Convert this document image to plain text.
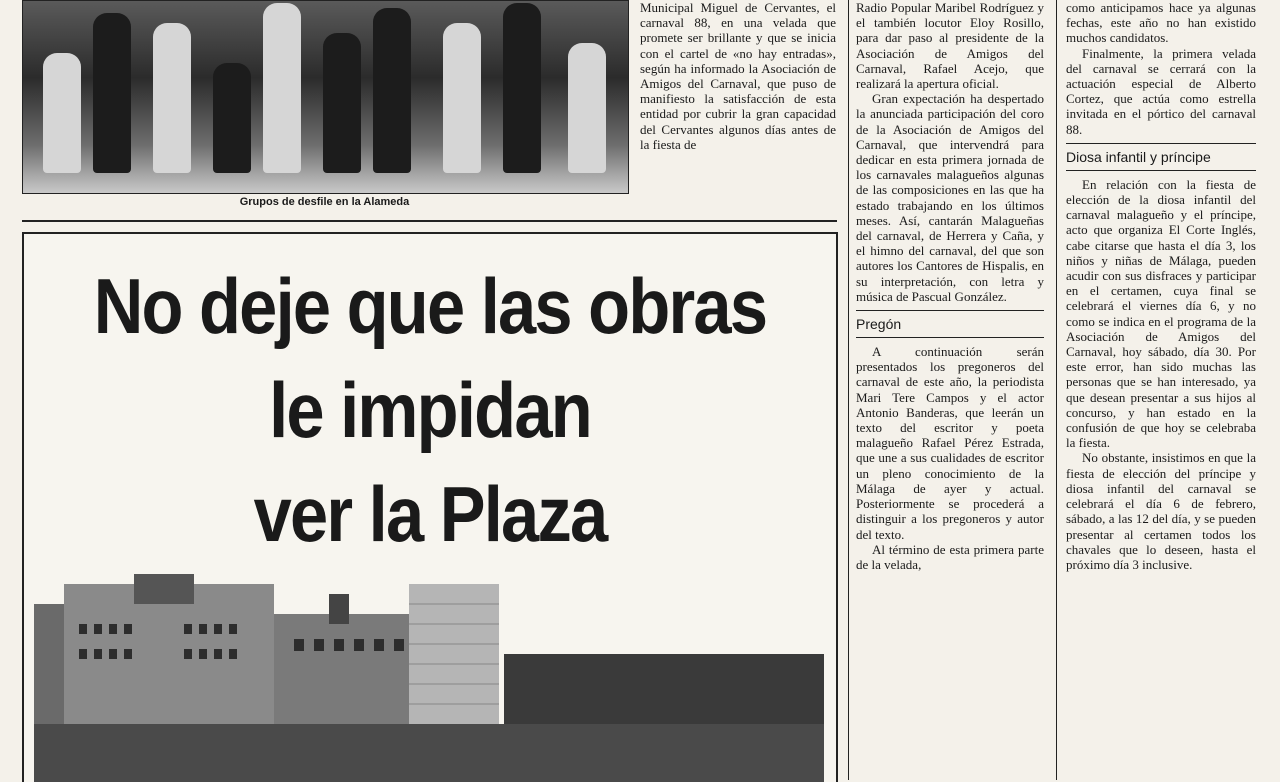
Grupos de desfile en la Alameda

Municipal Miguel de Cervantes, el carnaval 88, en una velada que promete ser brillante y que se inicia con el cartel de «no hay entradas», según ha informado la Asociación de Amigos del Carnaval, que puso de manifiesto la satisfacción de esta entidad por cubrir la gran capacidad del Cervantes algunos días antes de la fiesta de

Radio Popular Maribel Rodríguez y el también locutor Eloy Rosillo, para dar paso al presidente de la Asociación de Amigos del Carnaval, Rafael Acejo, que realizará la apertura oficial.

Gran expectación ha despertado la anunciada participación del coro de la Asociación de Amigos del Carnaval, que intervendrá para dedicar en esta primera jornada de los carnavales malagueños algunas de las composiciones en las que ha estado trabajando en los últimos meses. Así, cantarán Malagueñas del carnaval, de Herrera y Caña, y el himno del carnaval, del que son autores los Cantores de Hispalis, en su interpretación, con letra y música de Pascual González.

Pregón

A continuación serán presentados los pregoneros del carnaval de este año, la periodista Mari Tere Campos y el actor Antonio Banderas, que leerán un texto del escritor y poeta malagueño Rafael Pérez Estrada, que une a sus cualidades de escritor un pleno conocimiento de la Málaga de ayer y actual. Posteriormente se procederá a distinguir a los pregoneros y autor del texto.

Al término de esta primera parte de la velada,

como anticipamos hace ya algunas fechas, este año no han existido muchos candidatos.

Finalmente, la primera velada del carnaval se cerrará con la actuación especial de Alberto Cortez, que actúa como estrella invitada en el pórtico del carnaval 88.

Diosa infantil y príncipe

En relación con la fiesta de elección de la diosa infantil del carnaval malagueño y el príncipe, acto que organiza El Corte Inglés, cabe citarse que hasta el día 3, los niños y niñas de Málaga, pueden acudir con sus disfraces y participar en el certamen, cuya final se celebrará el viernes día 6, y no como se indica en el programa de la Asociación de Amigos del Carnaval, hoy sábado, día 30. Por este error, han sido muchas las personas que se han interesado, ya que desean presentar a sus hijos al concurso, y han estado en la confusión de que hoy se celebraba la fiesta.

No obstante, insistimos en que la fiesta de elección del príncipe y diosa infantil del carnaval se celebrará el día 6 de febrero, sábado, a las 12 del día, y se pueden presentar al certamen todos los chavales que lo deseen, hasta el próximo día 3 inclusive.

No deje que las obras
le impidan
ver la Plaza
